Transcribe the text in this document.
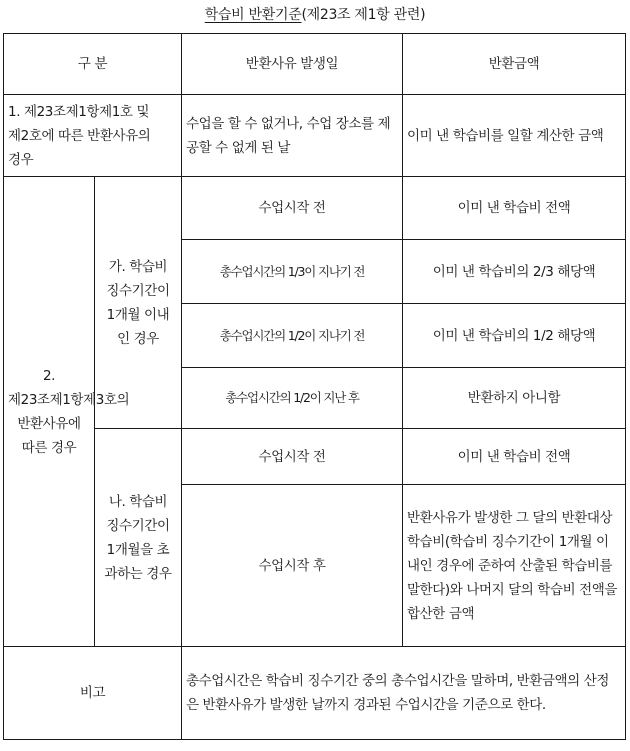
학습비 반환기준(제23조 제1항 관련)
구 분		반환사유 발생일	반환금액
1. 제23조제1항제1호 및 제2호에 따른 반환사유의 경우		수업을 할 수 없거나, 수업 장소를 제공할 수 없게 된 날	이미 낸 학습비를 일할 계산한 금액
2. 제23조제1항제3호의 반환사유에 따른 경우	가. 학습비 징수기간이 1개월 이내인 경우	수업시작 전	이미 낸 학습비 전액
		총수업시간의 1/3이 지나기 전	이미 낸 학습비의 2/3 해당액
		총수업시간의 1/2이 지나기 전	이미 낸 학습비의 1/2 해당액
		총수업시간의 1/2이 지난 후	반환하지 아니함
	나. 학습비 징수기간이 1개월을 초과하는 경우	수업시작 전	이미 낸 학습비 전액
		수업시작 후	반환사유가 발생한 그 달의 반환대상 학습비(학습비 징수기간이 1개월 이내인 경우에 준하여 산출된 학습비를 말한다)와 나머지 달의 학습비 전액을 합산한 금액
비고		총수업시간은 학습비 징수기간 중의 총수업시간을 말하며, 반환금액의 산정은 반환사유가 발생한 날까지 경과된 수업시간을 기준으로 한다.	
